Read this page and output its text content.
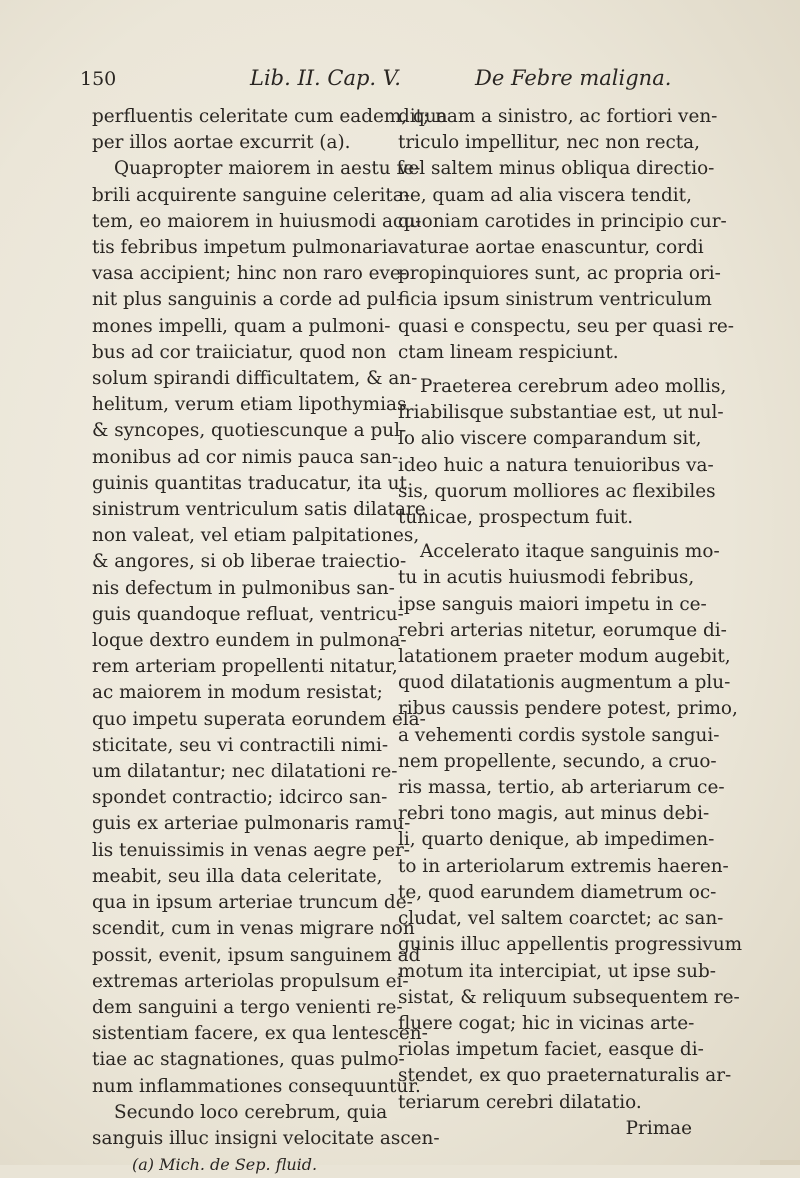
150	Lib. II. Cap. V.	De Febre maligna.
perfluentis celeritate cum eadem, qua
per illos aortae excurrit (a).
Quapropter maiorem in aestu fe-
brili acquirente sanguine celerita-
tem, eo maiorem in huiusmodi acu-
tis febribus impetum pulmonaria
vasa accipient; hinc non raro eve-
nit plus sanguinis a corde ad pul-
mones impelli, quam a pulmoni-
bus ad cor traiiciatur, quod non
solum spirandi difficultatem, & an-
helitum, verum etiam lipothymias
& syncopes, quotiescunque a pul-
monibus ad cor nimis pauca san-
guinis quantitas traducatur, ita ut
sinistrum ventriculum satis dilatare
non valeat, vel etiam palpitationes,
& angores, si ob liberae traiectio-
nis defectum in pulmonibus san-
guis quandoque refluat, ventricu-
loque dextro eundem in pulmona-
rem arteriam propellenti nitatur,
ac maiorem in modum resistat;
quo impetu superata eorundem ela-
sticitate, seu vi contractili nimi-
um dilatantur; nec dilatationi re-
spondet contractio; idcirco san-
guis ex arteriae pulmonaris ramu-
lis tenuissimis in venas aegre per-
meabit, seu illa data celeritate,
qua in ipsum arteriae truncum de-
scendit, cum in venas migrare non
possit, evenit, ipsum sanguinem ad
extremas arteriolas propulsum ei-
dem sanguini a tergo venienti re-
sistentiam facere, ex qua lentescen-
tiae ac stagnationes, quas pulmo-
num inflammationes consequuntur.
Secundo loco cerebrum, quia
sanguis illuc insigni velocitate ascen-
(a) Mich. de Sep. fluid.
dit; nam a sinistro, ac fortiori ven-
triculo impellitur, nec non recta,
vel saltem minus obliqua directio-
ne, quam ad alia viscera tendit,
quoniam carotides in principio cur-
vaturae aortae enascuntur, cordi
propinquiores sunt, ac propria ori-
ficia ipsum sinistrum ventriculum
quasi e conspectu, seu per quasi re-
ctam lineam respiciunt.
Praeterea cerebrum adeo mollis,
friabilisque substantiae est, ut nul-
lo alio viscere comparandum sit,
ideo huic a natura tenuioribus va-
sis, quorum molliores ac flexibiles
tunicae, prospectum fuit.
Accelerato itaque sanguinis mo-
tu in acutis huiusmodi febribus,
ipse sanguis maiori impetu in ce-
rebri arterias nitetur, eorumque di-
latationem praeter modum augebit,
quod dilatationis augmentum a plu-
ribus caussis pendere potest, primo,
a vehementi cordis systole sangui-
nem propellente, secundo, a cruo-
ris massa, tertio, ab arteriarum ce-
rebri tono magis, aut minus debi-
li, quarto denique, ab impedimen-
to in arteriolarum extremis haeren-
te, quod earundem diametrum oc-
cludat, vel saltem coarctet; ac san-
guinis illuc appellentis progressivum
motum ita intercipiat, ut ipse sub-
sistat, & reliquum subsequentem re-
fluere cogat; hic in vicinas arte-
riolas impetum faciet, easque di-
stendet, ex quo praeternaturalis ar-
teriarum cerebri dilatatio.
Primae
